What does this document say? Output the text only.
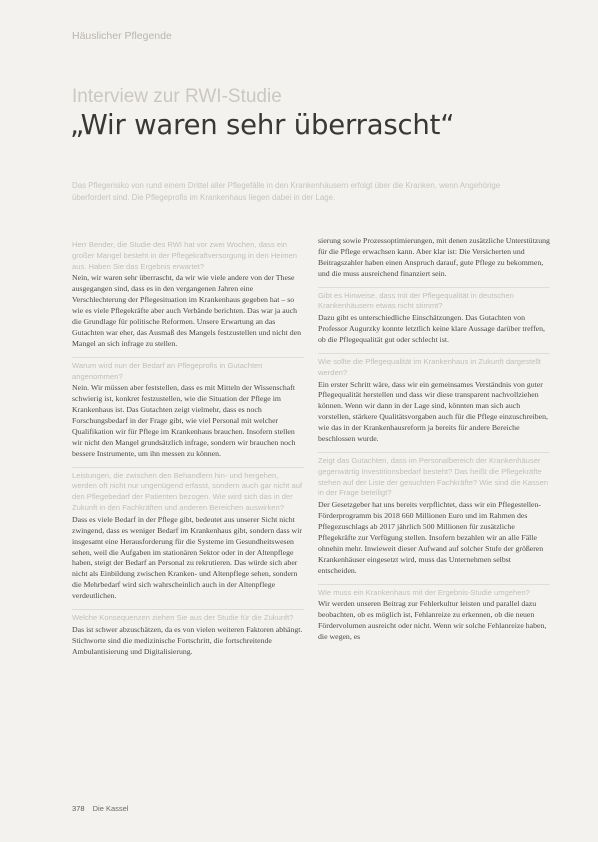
Häuslicher Pflegende
Interview zur RWI-Studie
„Wir waren sehr überrascht“
Das Pflegerisiko von rund einem Drittel aller Pflegefälle in den Krankenhäusern erfolgt über die Kranken, wenn Angehörige überfordert sind. Die Pflegeprofis im Krankenhaus liegen dabei in der Lage.

Herr Bender, die Studie des RWI hat vor zwei Wochen, dass ein großer Mangel besteht in der Pflegekraftversorgung in den Heimen aus. Haben Sie das Ergebnis erwartet?

Nein, wir waren sehr überrascht, da wir wie viele andere von der These ausgegangen sind, dass es in den vergangenen Jahren eine Verschlechterung der Pflegesituation im Krankenhaus gegeben hat – so wie es viele Pflegekräfte aber auch Verbände berichten. Das war ja auch die Grundlage für politische Reformen. Unsere Erwartung an das Gutachten war eher, das Ausmaß des Mangels festzustellen und nicht den Mangel an sich infrage zu stellen.

Warum wird nun der Bedarf an Pflegeprofis in Gutachten angenommen?

Nein. Wir müssen aber feststellen, dass es mit Mitteln der Wissenschaft schwierig ist, konkret festzustellen, wie die Situation der Pflege im Krankenhaus ist. Das Gutachten zeigt vielmehr, dass es noch Forschungsbedarf in der Frage gibt, wie viel Personal mit welcher Qualifikation wir für Pflege im Krankenhaus brauchen. Insofern stellen wir nicht den Mangel grundsätzlich infrage, sondern wir brauchen noch bessere Instrumente, um ihn messen zu können.

Leistungen, die zwischen den Behandlern hin- und hergehen, werden oft nicht nur ungenügend erfasst, sondern auch gar nicht auf den Pflegebedarf der Patienten bezogen. Wie wird sich das in der Zukunft in den Fachkräften und anderen Bereichen auswirken?

Dass es viele Bedarf in der Pflege gibt, bedeutet aus unserer Sicht nicht zwingend, dass es weniger Bedarf im Krankenhaus gibt, sondern dass wir insgesamt eine Herausforderung für die Systeme im Gesundheitswesen sehen, weil die Aufgaben im stationären Sektor oder in der Altenpflege haben, steigt der Bedarf an Personal zu rekrutieren. Das würde sich aber nicht als Einbildung zwischen Kranken- und Altenpflege sehen, sondern die Mehrbedarf wird sich wahrscheinlich auch in der Altenpflege verdeutlichen.

Welche Konsequenzen ziehen Sie aus der Studie für die Zukunft?

Das ist schwer abzuschätzen, da es von vielen weiteren Faktoren abhängt. Stichworte sind die medizinische Fortschritt, die fortschreitende Ambulantisierung und Digitalisierung.

sierung sowie Prozessoptimierungen, mit denen zusätzliche Unterstützung für die Pflege erwachsen kann. Aber klar ist: Die Versicherten und Beitragszahler haben einen Anspruch darauf, gute Pflege zu bekommen, und die muss ausreichend finanziert sein.

Gibt es Hinweise, dass mit der Pflegequalität in deutschen Krankenhäusern etwas nicht stimmt?

Dazu gibt es unterschiedliche Einschätzungen. Das Gutachten von Professor Augurzky konnte letztlich keine klare Aussage darüber treffen, ob die Pflegequalität gut oder schlecht ist.

Wie sollte die Pflegequalität im Krankenhaus in Zukunft dargestellt werden?

Ein erster Schritt wäre, dass wir ein gemeinsames Verständnis von guter Pflegequalität herstellen und dass wir diese transparent nachvollziehen können. Wenn wir dann in der Lage sind, könnten man sich auch vorstellen, stärkere Qualitätsvorgaben auch für die Pflege einzuschreiben, wie das in der Krankenhausreform ja bereits für andere Bereiche beschlossen wurde.

Zeigt das Gutachten, dass im Personalbereich der Krankenhäuser gegenwärtig Investitionsbedarf besteht? Das heißt die Pflegekräfte stehen auf der Liste der gesuchten Fachkräfte? Wie sind die Kassen in der Frage beteiligt?

Der Gesetzgeber hat uns bereits verpflichtet, dass wir ein Pflegestellen-Förderprogramm bis 2018 660 Millionen Euro und im Rahmen des Pflegezuschlags ab 2017 jährlich 500 Millionen für zusätzliche Pflegekräfte zur Verfügung stellen. Insofern bezahlen wir an alle Fälle ohnehin mehr. Inwieweit dieser Aufwand auf solcher Stufe der größeren Krankenhäuser eingesetzt wird, muss das Unternehmen selbst entscheiden.

Wie muss ein Krankenhaus mit der Ergebnis-Studie umgehen?

Wir werden unseren Beitrag zur Fehlerkultur leisten und parallel dazu beobachten, ob es möglich ist, Fehlanreize zu erkennen, ob die neuen Fördervolumen ausreicht oder nicht. Wenn wir solche Fehlanreize haben, die wegen, es

378 Die Kassel
